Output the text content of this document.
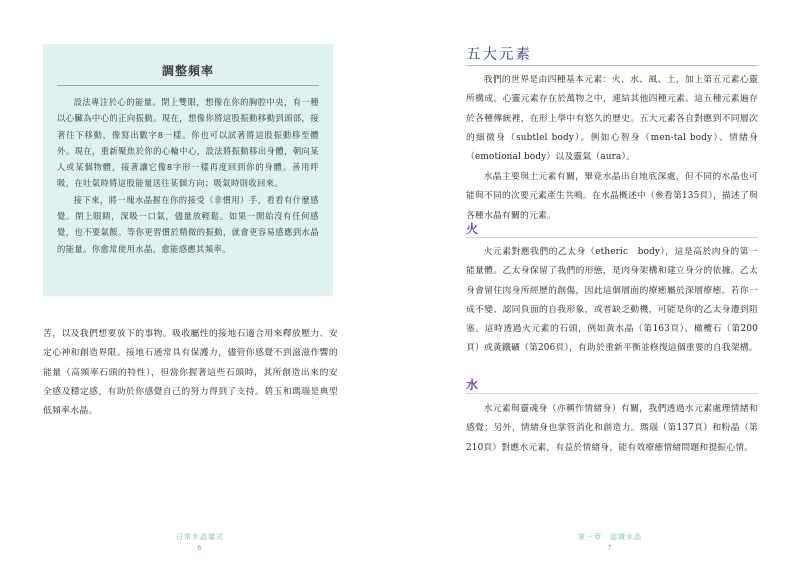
調整頻率

設法專注於心的能量。閉上雙眼，想像在你的胸腔中央，有一種以心臟為中心的正向振動。現在，想像你將這股振動移動到頭部，接著往下移動，像寫出數字8一樣。你也可以試著將這股振動移至體外。現在，重新聚焦於你的心輪中心，設法將振動移出身體，朝向某人或某個物體，接著讓它像8字形一樣再度回到你的身體。善用呼吸，在吐氣時將這股能量送往某個方向；吸氣時則收回來。

接下來，將一塊水晶握在你的接受（非慣用）手，看看有什麼感覺。閉上眼睛，深吸一口氣，儘量放輕鬆。如果一開始沒有任何感覺，也不要氣餒。等你更習慣於精微的振動，就會更容易感應到水晶的能量。你愈常使用水晶，愈能感應其頻率。

苦，以及我們想要放下的事物。吸收屬性的接地石適合用來釋放壓力、安定心神和創造界限。接地石通常具有保護力，儘管你感覺不到滋滋作響的能量（高頻率石頭的特性），但當你握著這些石頭時，其所創造出來的安全感及穩定感，有助於你感覺自己的努力得到了支持。碧玉和瑪瑙是典型低頻率水晶。

日常水晶儀式
6
五大元素

我們的世界是由四種基本元素：火、水、風、土，加上第五元素心靈所構成。心靈元素存在於萬物之中，連結其他四種元素。這五種元素遍存於各種傳統裡，在形上學中有悠久的歷史。五大元素各自對應到不同層次的細微身（subtlel body）。例如心智身（men-tal body）、情緒身（emotional body）以及靈氣（aura）。

水晶主要與土元素有關，畢竟水晶出自地底深處，但不同的水晶也可能與不同的次要元素產生共鳴。在水晶概述中（參看第135頁），描述了與各種水晶有關的元素。

火

火元素對應我們的乙太身（etheric　body），這是高於肉身的第一能量體。乙太身保留了我們的形態，是肉身架構和建立身分的依據。乙太身會留住肉身所經歷的創傷，因此這個層面的療癒屬於深層療癒。若你一成不變、認同負面的自我形象，或者缺乏動機，可能是你的乙太身遭到阻塞。這時透過火元素的石頭，例如黃水晶（第163頁）、橄欖石（第200頁）或黃鐵礦（第206頁），有助於重新平衡並修復這個重要的自我架構。

水

水元素與靈魂身（亦稱作情緒身）有關，我們透過水元素處理情緒和感覺；另外，情緒身也掌管消化和創造力。瑪瑙（第137頁）和粉晶（第210頁）對應水元素，有益於情緒身，能有效療癒情緒問題和提振心情。

第一章　認識水晶
7
